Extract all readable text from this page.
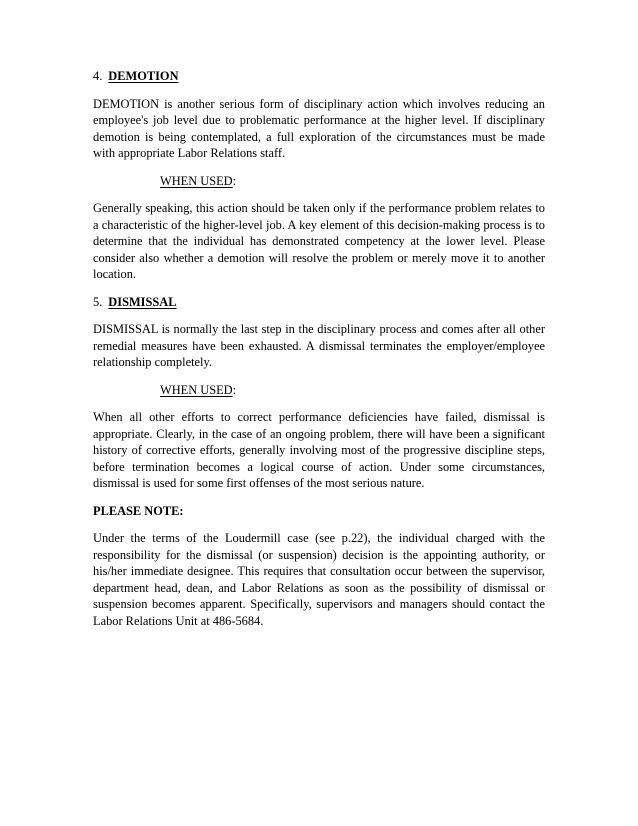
4. DEMOTION

DEMOTION is another serious form of disciplinary action which involves reducing an employee's job level due to problematic performance at the higher level. If disciplinary demotion is being contemplated, a full exploration of the circumstances must be made with appropriate Labor Relations staff.

WHEN USED:

Generally speaking, this action should be taken only if the performance problem relates to a characteristic of the higher-level job. A key element of this decision-making process is to determine that the individual has demonstrated competency at the lower level. Please consider also whether a demotion will resolve the problem or merely move it to another location.

5. DISMISSAL

DISMISSAL is normally the last step in the disciplinary process and comes after all other remedial measures have been exhausted. A dismissal terminates the employer/employee relationship completely.

WHEN USED:

When all other efforts to correct performance deficiencies have failed, dismissal is appropriate. Clearly, in the case of an ongoing problem, there will have been a significant history of corrective efforts, generally involving most of the progressive discipline steps, before termination becomes a logical course of action. Under some circumstances, dismissal is used for some first offenses of the most serious nature.

PLEASE NOTE:

Under the terms of the Loudermill case (see p.22), the individual charged with the responsibility for the dismissal (or suspension) decision is the appointing authority, or his/her immediate designee. This requires that consultation occur between the supervisor, department head, dean, and Labor Relations as soon as the possibility of dismissal or suspension becomes apparent. Specifically, supervisors and managers should contact the Labor Relations Unit at 486-5684.
